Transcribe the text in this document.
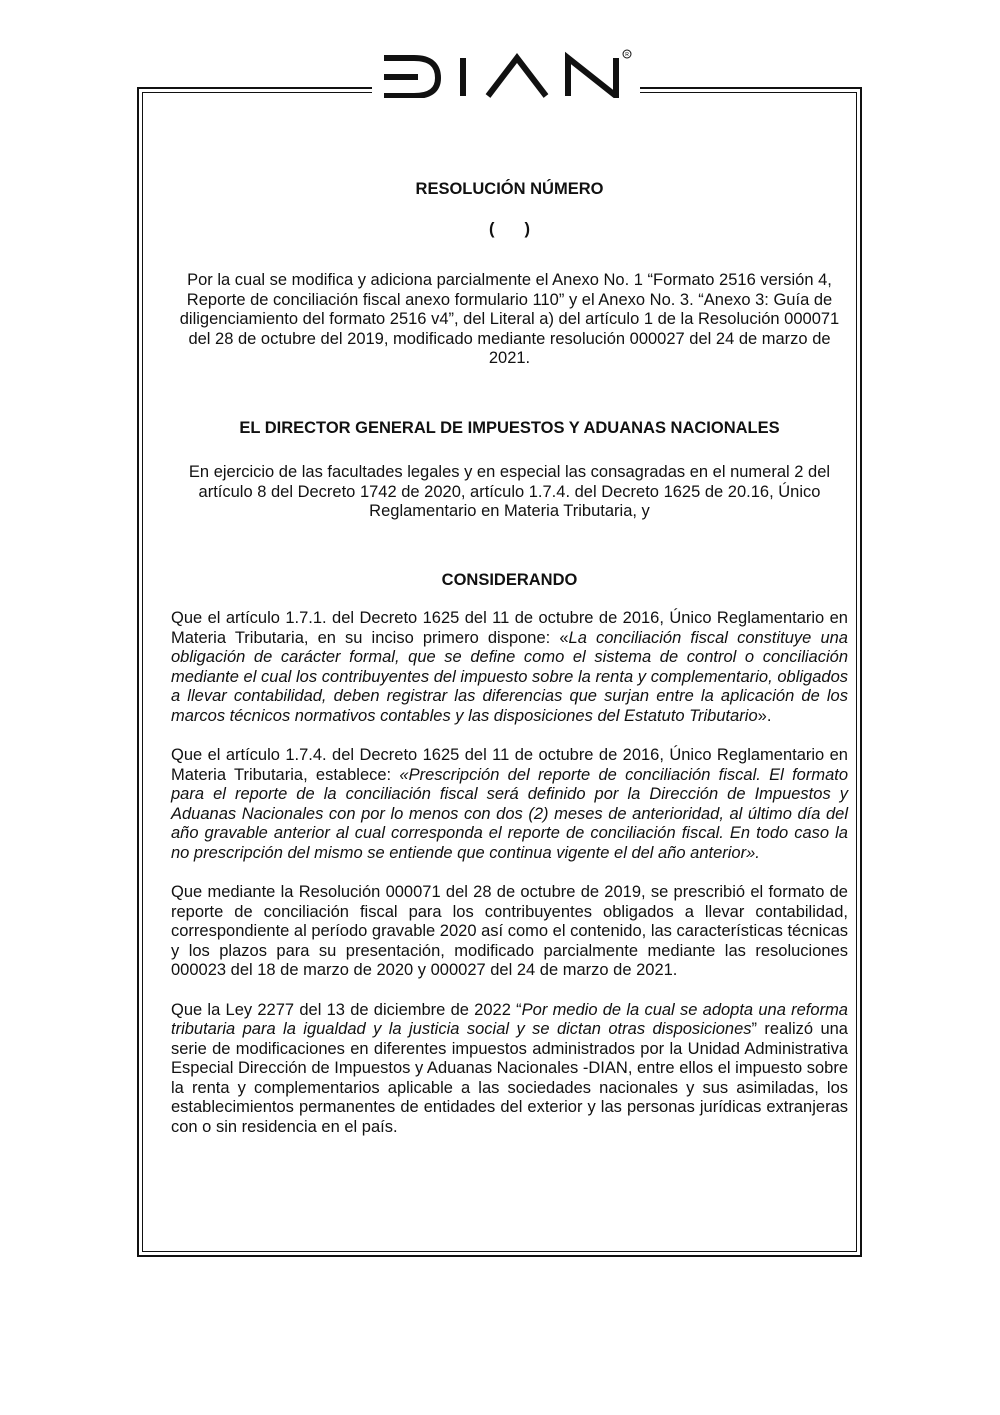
R

RESOLUCIÓN NÚMERO

( )

Por la cual se modifica y adiciona parcialmente el Anexo No. 1 “Formato 2516 versión 4, Reporte de conciliación fiscal anexo formulario 110” y el Anexo No. 3. “Anexo 3: Guía de diligenciamiento del formato 2516 v4”, del Literal a) del artículo 1 de la Resolución 000071 del 28 de octubre del 2019, modificado mediante resolución 000027 del 24 de marzo de 2021.

EL DIRECTOR GENERAL DE IMPUESTOS Y ADUANAS NACIONALES

En ejercicio de las facultades legales y en especial las consagradas en el numeral 2 del artículo 8 del Decreto 1742 de 2020, artículo 1.7.4. del Decreto 1625 de 20.16, Único Reglamentario en Materia Tributaria, y

CONSIDERANDO

Que el artículo 1.7.1. del Decreto 1625 del 11 de octubre de 2016, Único Reglamentario en Materia Tributaria, en su inciso primero dispone: «La conciliación fiscal constituye una obligación de carácter formal, que se define como el sistema de control o conciliación mediante el cual los contribuyentes del impuesto sobre la renta y complementario, obligados a llevar contabilidad, deben registrar las diferencias que surjan entre la aplicación de los marcos técnicos normativos contables y las disposiciones del Estatuto Tributario».

Que el artículo 1.7.4. del Decreto 1625 del 11 de octubre de 2016, Único Reglamentario en Materia Tributaria, establece: «Prescripción del reporte de conciliación fiscal. El formato para el reporte de la conciliación fiscal será definido por la Dirección de Impuestos y Aduanas Nacionales con por lo menos con dos (2) meses de anterioridad, al último día del año gravable anterior al cual corresponda el reporte de conciliación fiscal. En todo caso la no prescripción del mismo se entiende que continua vigente el del año anterior».

Que mediante la Resolución 000071 del 28 de octubre de 2019, se prescribió el formato de reporte de conciliación fiscal para los contribuyentes obligados a llevar contabilidad, correspondiente al período gravable 2020 así como el contenido, las características técnicas y los plazos para su presentación, modificado parcialmente mediante las resoluciones 000023 del 18 de marzo de 2020 y 000027 del 24 de marzo de 2021.

Que la Ley 2277 del 13 de diciembre de 2022 “Por medio de la cual se adopta una reforma tributaria para la igualdad y la justicia social y se dictan otras disposiciones” realizó una serie de modificaciones en diferentes impuestos administrados por la Unidad Administrativa Especial Dirección de Impuestos y Aduanas Nacionales -DIAN, entre ellos el impuesto sobre la renta y complementarios aplicable a las sociedades nacionales y sus asimiladas, los establecimientos permanentes de entidades del exterior y las personas jurídicas extranjeras con o sin residencia en el país.
